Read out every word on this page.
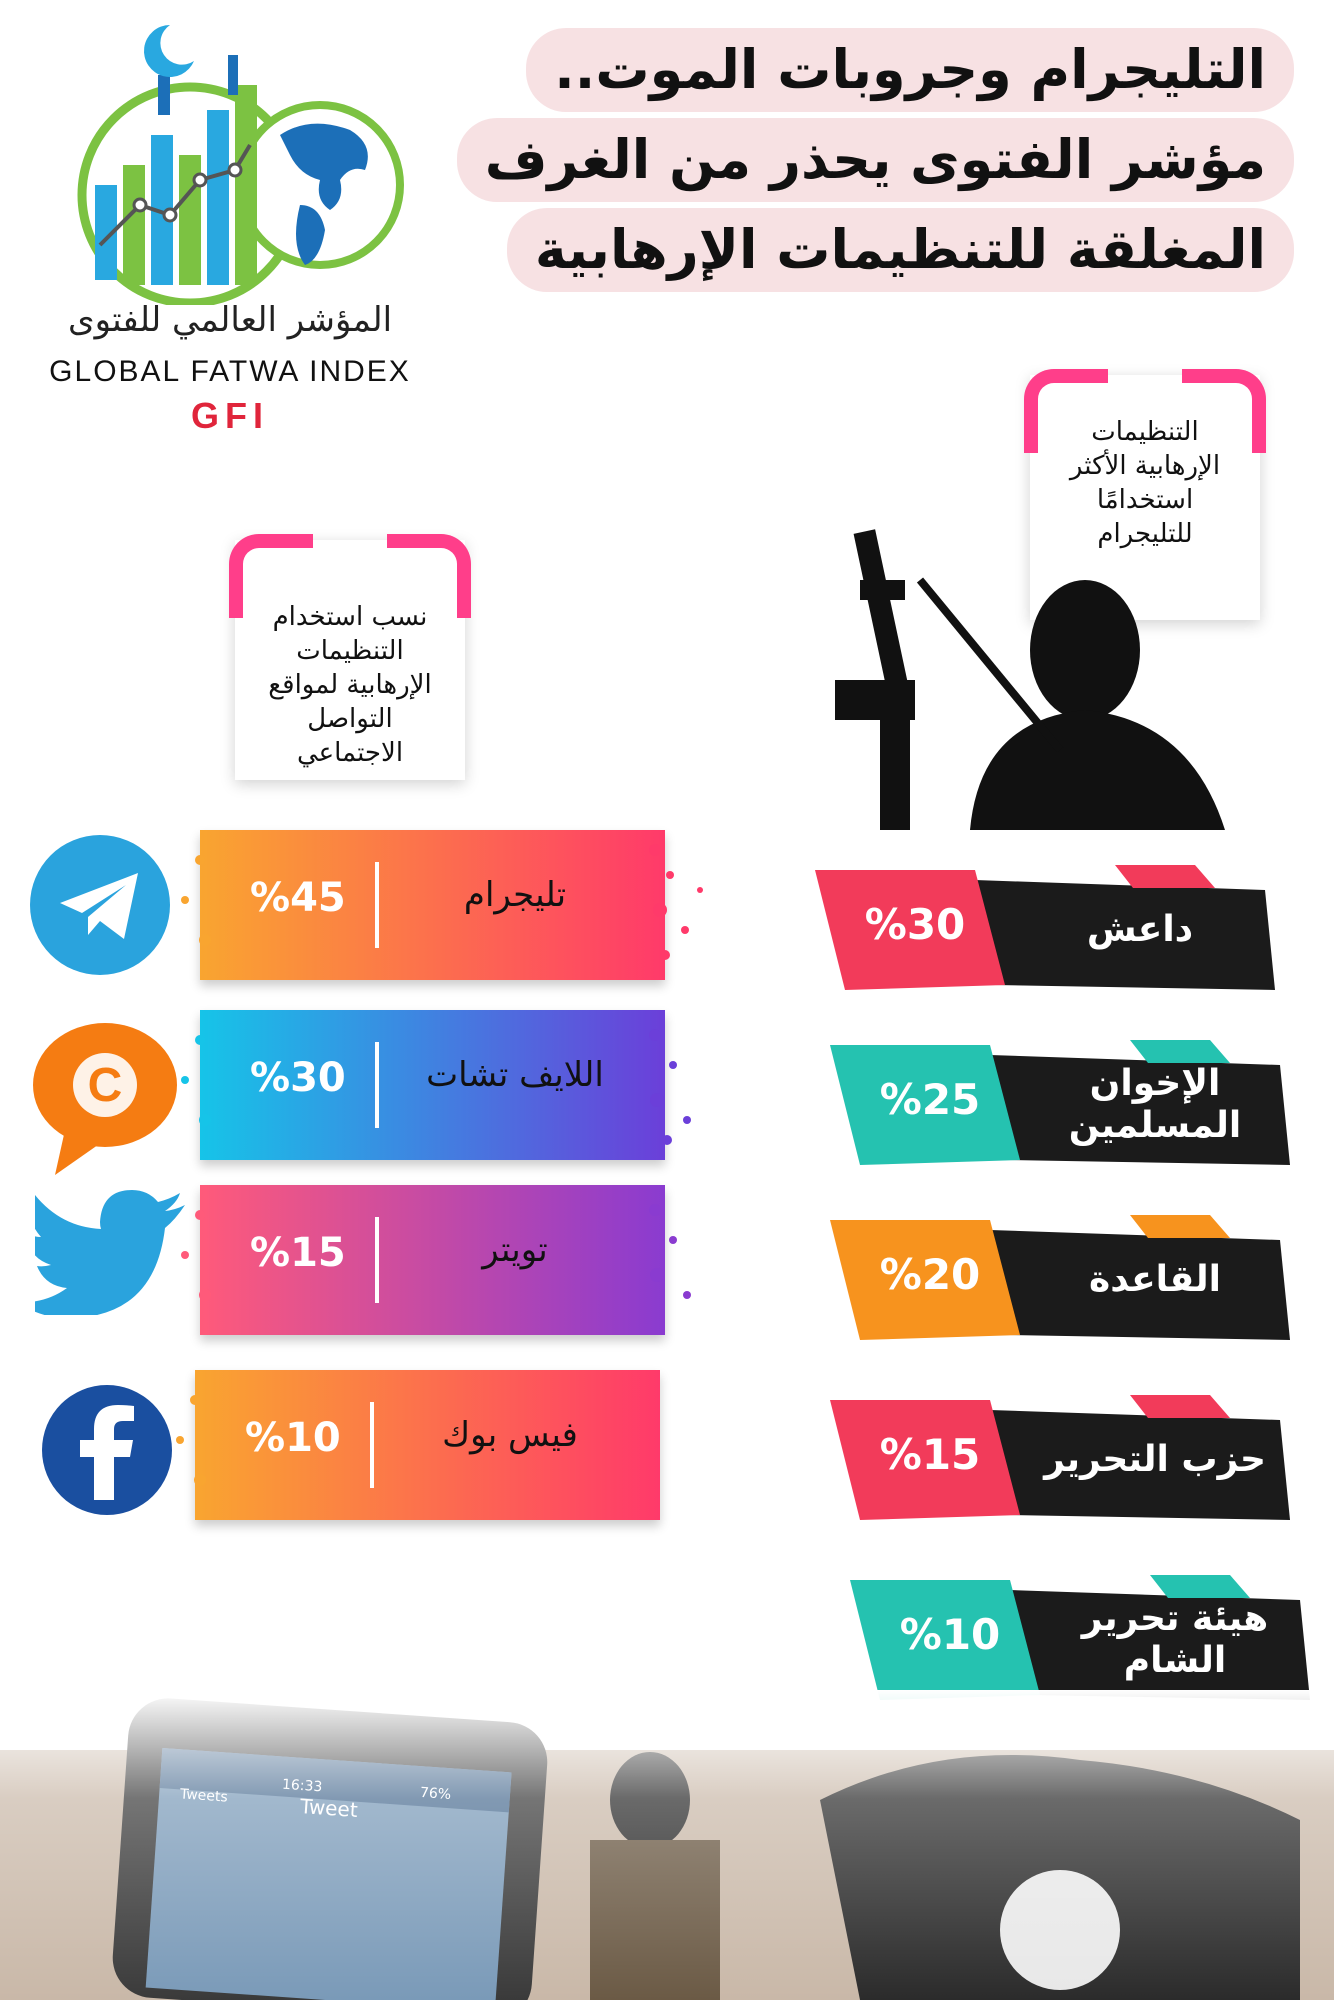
التليجرام وجروبات الموت..
مؤشر الفتوى يحذر من الغرف
المغلقة للتنظيمات الإرهابية
المؤشر العالمي للفتوى
GLOBAL FATWA INDEX
GFI	التنظيمات الإرهابية الأكثر استخدامًا للتليجرام
نسب استخدام التنظيمات الإرهابية لمواقع التواصل الاجتماعي
%45	تليجرام
%30	اللايف تشات
C
%15	تويتر
%10	فيس بوك
%30	داعش
%25	الإخوان المسلمين
%20	القاعدة
%15	حزب التحرير
%10	هيئة تحرير الشام
16:33	76%
Tweets	Tweet
